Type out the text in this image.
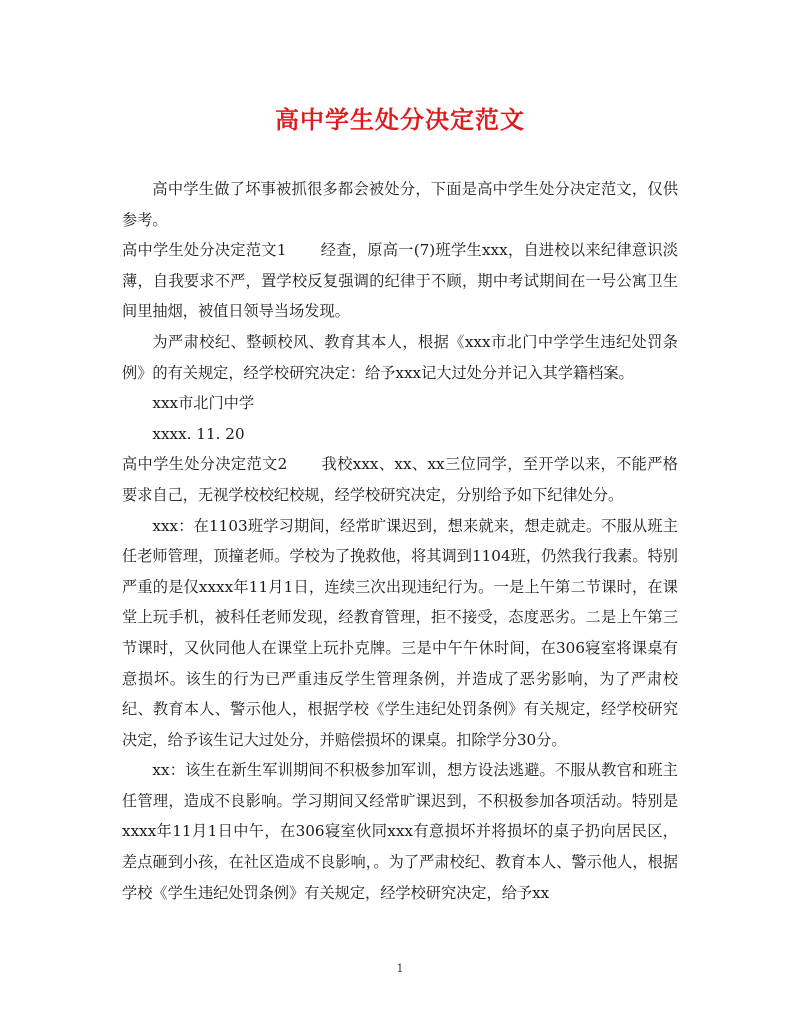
高中学生处分决定范文

高中学生做了坏事被抓很多都会被处分，下面是高中学生处分决定范文，仅供参考。

高中学生处分决定范文1 经查，原高一(7)班学生xxx，自进校以来纪律意识淡薄，自我要求不严，置学校反复强调的纪律于不顾，期中考试期间在一号公寓卫生间里抽烟，被值日领导当场发现。

为严肃校纪、整顿校风、教育其本人，根据《xxx市北门中学学生违纪处罚条例》的有关规定，经学校研究决定：给予xxx记大过处分并记入其学籍档案。

xxx市北门中学

xxxx. 11. 20

高中学生处分决定范文2 我校xxx、xx、xx三位同学，至开学以来，不能严格要求自己，无视学校校纪校规，经学校研究决定，分别给予如下纪律处分。

xxx：在1103班学习期间，经常旷课迟到，想来就来，想走就走。不服从班主任老师管理，顶撞老师。学校为了挽救他，将其调到1104班，仍然我行我素。特别严重的是仅xxxx年11月1日，连续三次出现违纪行为。一是上午第二节课时，在课堂上玩手机，被科任老师发现，经教育管理，拒不接受，态度恶劣。二是上午第三节课时，又伙同他人在课堂上玩扑克牌。三是中午午休时间，在306寝室将课桌有意损坏。该生的行为已严重违反学生管理条例，并造成了恶劣影响，为了严肃校纪、教育本人、警示他人，根据学校《学生违纪处罚条例》有关规定，经学校研究决定，给予该生记大过处分，并赔偿损坏的课桌。扣除学分30分。

xx：该生在新生军训期间不积极参加军训，想方设法逃避。不服从教官和班主任管理，造成不良影响。学习期间又经常旷课迟到，不积极参加各项活动。特别是xxxx年11月1日中午，在306寝室伙同xxx有意损坏并将损坏的桌子扔向居民区，差点砸到小孩，在社区造成不良影响，。为了严肃校纪、教育本人、警示他人，根据学校《学生违纪处罚条例》有关规定，经学校研究决定，给予xx

1
